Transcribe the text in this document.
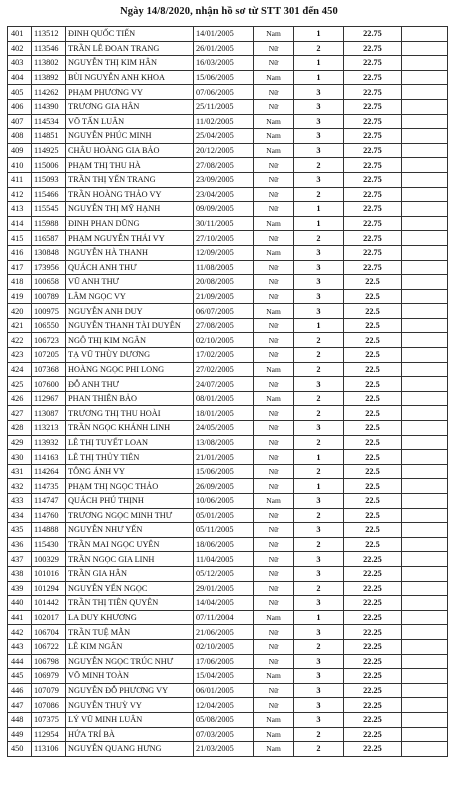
Ngày 14/8/2020, nhận hồ sơ từ STT 301 đến 450
401	113512	ĐINH QUỐC TIẾN	14/01/2005	Nam	1	22.75	
402	113546	TRẦN LÊ ĐOAN TRANG	26/01/2005	Nữ	2	22.75	
403	113802	NGUYỄN THỊ KIM HÂN	16/03/2005	Nữ	1	22.75	
404	113892	BÙI NGUYỄN ANH KHOA	15/06/2005	Nam	1	22.75	
405	114262	PHẠM PHƯƠNG VY	07/06/2005	Nữ	3	22.75	
406	114390	TRƯƠNG GIA HÂN	25/11/2005	Nữ	3	22.75	
407	114534	VÕ TẤN LUÂN	11/02/2005	Nam	3	22.75	
408	114851	NGUYỄN PHÚC MINH	25/04/2005	Nam	3	22.75	
409	114925	CHÂU HOÀNG GIA BẢO	20/12/2005	Nam	3	22.75	
410	115006	PHẠM THỊ THU HÀ	27/08/2005	Nữ	2	22.75	
411	115093	TRẦN THỊ YẾN TRANG	23/09/2005	Nữ	3	22.75	
412	115466	TRẦN HOÀNG THẢO VY	23/04/2005	Nữ	2	22.75	
413	115545	NGUYỄN THỊ MỸ HẠNH	09/09/2005	Nữ	1	22.75	
414	115988	ĐINH PHAN DŨNG	30/11/2005	Nam	1	22.75	
415	116587	PHẠM NGUYỄN THÁI VY	27/10/2005	Nữ	2	22.75	
416	130848	NGUYỄN HÀ THANH	12/09/2005	Nam	3	22.75	
417	173956	QUÁCH ANH THƯ	11/08/2005	Nữ	3	22.75	
418	100658	VŨ ANH THƯ	20/08/2005	Nữ	3	22.5	
419	100789	LÂM NGỌC VY	21/09/2005	Nữ	3	22.5	
420	100975	NGUYỄN ANH DUY	06/07/2005	Nam	3	22.5	
421	106550	NGUYỄN THANH TÀI DUYÊN	27/08/2005	Nữ	1	22.5	
422	106723	NGÔ THỊ KIM NGÂN	02/10/2005	Nữ	2	22.5	
423	107205	TẠ VŨ THÙY DƯƠNG	17/02/2005	Nữ	2	22.5	
424	107368	HOÀNG NGỌC PHI LONG	27/02/2005	Nam	2	22.5	
425	107600	ĐỖ ANH THƯ	24/07/2005	Nữ	3	22.5	
426	112967	PHAN THIÊN BẢO	08/01/2005	Nam	2	22.5	
427	113087	TRƯƠNG THỊ THU HOÀI	18/01/2005	Nữ	2	22.5	
428	113213	TRẦN NGỌC KHÁNH LINH	24/05/2005	Nữ	3	22.5	
429	113932	LÊ THỊ TUYẾT LOAN	13/08/2005	Nữ	2	22.5	
430	114163	LÊ THỊ THỦY TIÊN	21/01/2005	Nữ	1	22.5	
431	114264	TÔNG ÁNH VY	15/06/2005	Nữ	2	22.5	
432	114735	PHẠM THỊ NGỌC THẢO	26/09/2005	Nữ	1	22.5	
433	114747	QUÁCH PHÚ THỊNH	10/06/2005	Nam	3	22.5	
434	114760	TRƯƠNG NGỌC MINH THƯ	05/01/2005	Nữ	2	22.5	
435	114888	NGUYỄN NHƯ YẾN	05/11/2005	Nữ	3	22.5	
436	115430	TRẦN MAI NGỌC UYÊN	18/06/2005	Nữ	2	22.5	
437	100329	TRẦN NGỌC GIA LINH	11/04/2005	Nữ	3	22.25	
438	101016	TRẦN GIA HÂN	05/12/2005	Nữ	3	22.25	
439	101294	NGUYỄN YẾN NGỌC	29/01/2005	Nữ	2	22.25	
440	101442	TRẦN THỊ TIÊN QUYÊN	14/04/2005	Nữ	3	22.25	
441	102017	LA DUY KHƯƠNG	07/11/2004	Nam	1	22.25	
442	106704	TRẦN TUỆ MẪN	21/06/2005	Nữ	3	22.25	
443	106722	LÊ KIM NGÂN	02/10/2005	Nữ	2	22.25	
444	106798	NGUYỄN NGỌC TRÚC NHƯ	17/06/2005	Nữ	3	22.25	
445	106979	VÕ MINH TOÀN	15/04/2005	Nam	3	22.25	
446	107079	NGUYỄN ĐỖ PHƯƠNG VY	06/01/2005	Nữ	3	22.25	
447	107086	NGUYỄN THUỲ VY	12/04/2005	Nữ	3	22.25	
448	107375	LÝ VŨ MINH LUÂN	05/08/2005	Nam	3	22.25	
449	112954	HỨA TRÍ BÀ	07/03/2005	Nam	2	22.25	
450	113106	NGUYỄN QUANG HƯNG	21/03/2005	Nam	2	22.25	
